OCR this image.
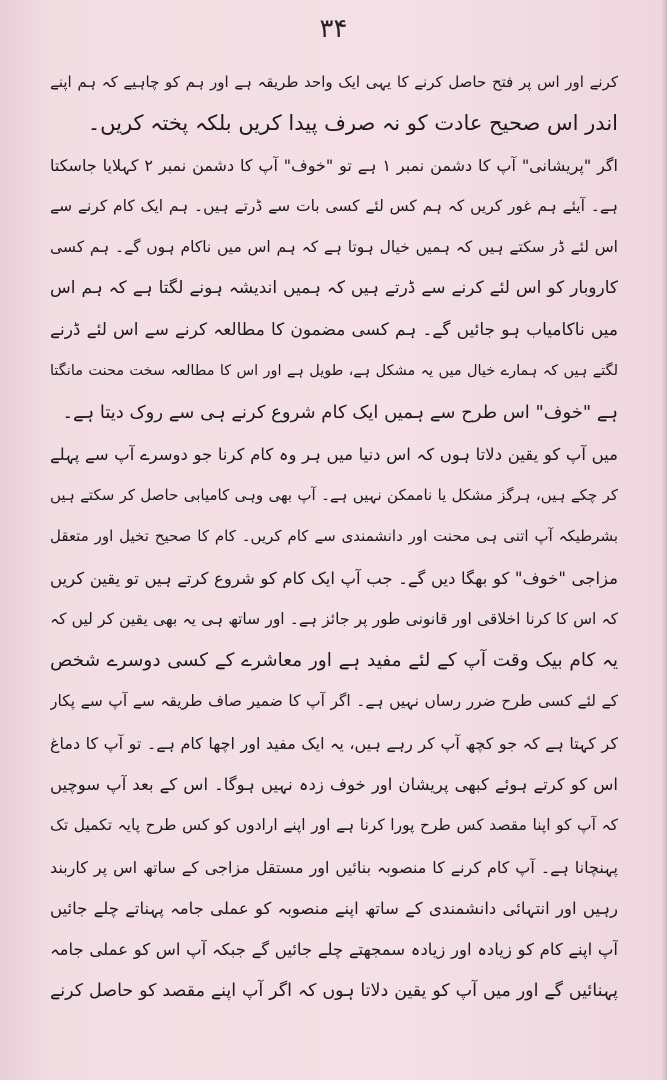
۳۴
کرنے اور اس پر فتح حاصل کرنے کا یہی ایک واحد طریقہ ہے اور ہم کو چاہیے کہ ہم اپنے
اندر اس صحیح عادت کو نہ صرف پیدا کریں بلکہ پختہ کریں۔
اگر "پریشانی" آپ کا دشمن نمبر ۱ ہے تو "خوف" آپ کا دشمن نمبر ۲ کہلایا جاسکتا
ہے۔ آیئے ہم غور کریں کہ ہم کس لئے کسی بات سے ڈرتے ہیں۔ ہم ایک کام کرنے سے
اس لئے ڈر سکتے ہیں کہ ہمیں خیال ہوتا ہے کہ ہم اس میں ناکام ہوں گے۔ ہم کسی
کاروبار کو اس لئے کرنے سے ڈرتے ہیں کہ ہمیں اندیشہ ہونے لگتا ہے کہ ہم اس
میں ناکامیاب ہو جائیں گے۔ ہم کسی مضمون کا مطالعہ کرنے سے اس لئے ڈرنے
لگتے ہیں کہ ہمارے خیال میں یہ مشکل ہے، طویل ہے اور اس کا مطالعہ سخت محنت مانگتا
ہے "خوف" اس طرح سے ہمیں ایک کام شروع کرنے ہی سے روک دیتا ہے۔
میں آپ کو یقین دلاتا ہوں کہ اس دنیا میں ہر وہ کام کرنا جو دوسرے آپ سے پہلے
کر چکے ہیں، ہرگز مشکل یا ناممکن نہیں ہے۔ آپ بھی وہی کامیابی حاصل کر سکتے ہیں
بشرطیکہ آپ اتنی ہی محنت اور دانشمندی سے کام کریں۔ کام کا صحیح تخیل اور متعقل
مزاجی "خوف" کو بھگا دیں گے۔ جب آپ ایک کام کو شروع کرتے ہیں تو یقین کریں
کہ اس کا کرنا اخلاقی اور قانونی طور پر جائز ہے۔ اور ساتھ ہی یہ بھی یقین کر لیں کہ
یہ کام بیک وقت آپ کے لئے مفید ہے اور معاشرے کے کسی دوسرے شخص
کے لئے کسی طرح ضرر رساں نہیں ہے۔ اگر آپ کا ضمیر صاف طریقہ سے آپ سے پکار
کر کہتا ہے کہ جو کچھ آپ کر رہے ہیں، یہ ایک مفید اور اچھا کام ہے۔ تو آپ کا دماغ
اس کو کرتے ہوئے کبھی پریشان اور خوف زدہ نہیں ہوگا۔ اس کے بعد آپ سوچیں
کہ آپ کو اپنا مقصد کس طرح پورا کرنا ہے اور اپنے ارادوں کو کس طرح پایہ تکمیل تک
پہنچانا ہے۔ آپ کام کرنے کا منصوبہ بنائیں اور مستقل مزاجی کے ساتھ اس پر کاربند
رہیں اور انتہائی دانشمندی کے ساتھ اپنے منصوبہ کو عملی جامہ پہناتے چلے جائیں
آپ اپنے کام کو زیادہ اور زیادہ سمجھتے چلے جائیں گے جبکہ آپ اس کو عملی جامہ
پہنائیں گے اور میں آپ کو یقین دلاتا ہوں کہ اگر آپ اپنے مقصد کو حاصل کرنے
